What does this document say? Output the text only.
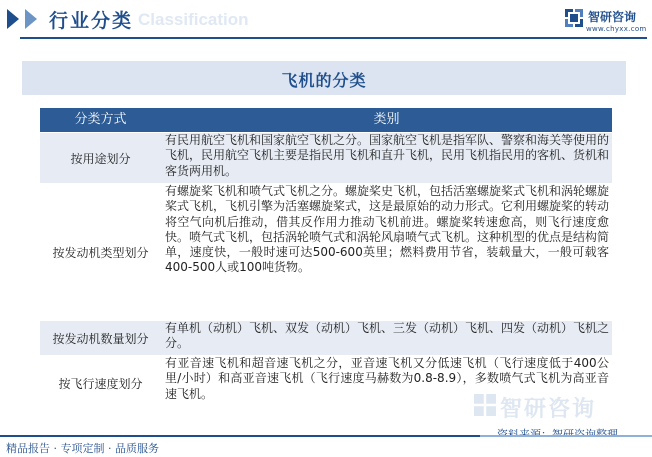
行业分类 Classification	智研咨询
www.chyxx.com
飞机的分类
分类方式	类别
按用途划分
有民用航空飞机和国家航空飞机之分。国家航空飞机是指军队、警察和海关等使用的飞机，民用航空飞机主要是指民用飞机和直升飞机，民用飞机指民用的客机、货机和客货两用机。
按发动机类型划分
有螺旋桨飞机和喷气式飞机之分。螺旋桨史飞机，包括活塞螺旋桨式飞机和涡轮螺旋桨式飞机，飞机引擎为活塞螺旋桨式，这是最原始的动力形式。它利用螺旋桨的转动将空气向机后推动，借其反作用力推动飞机前进。螺旋桨转速愈高，则飞行速度愈快。喷气式飞机，包括涡轮喷气式和涡轮风扇喷气式飞机。这种机型的优点是结构简单，速度快，一般时速可达500-600英里；燃料费用节省，装载量大，一般可载客400-500人或100吨货物。
按发动机数量划分
有单机（动机）飞机、双发（动机）飞机、三发（动机）飞机、四发（动机）飞机之分。
按飞行速度划分
有亚音速飞机和超音速飞机之分，亚音速飞机又分低速飞机（飞行速度低于400公里/小时）和高亚音速飞机（飞行速度马赫数为0.8-8.9），多数喷气式飞机为高亚音速飞机。
智研咨询
精品报告 · 专项定制 · 品质服务
